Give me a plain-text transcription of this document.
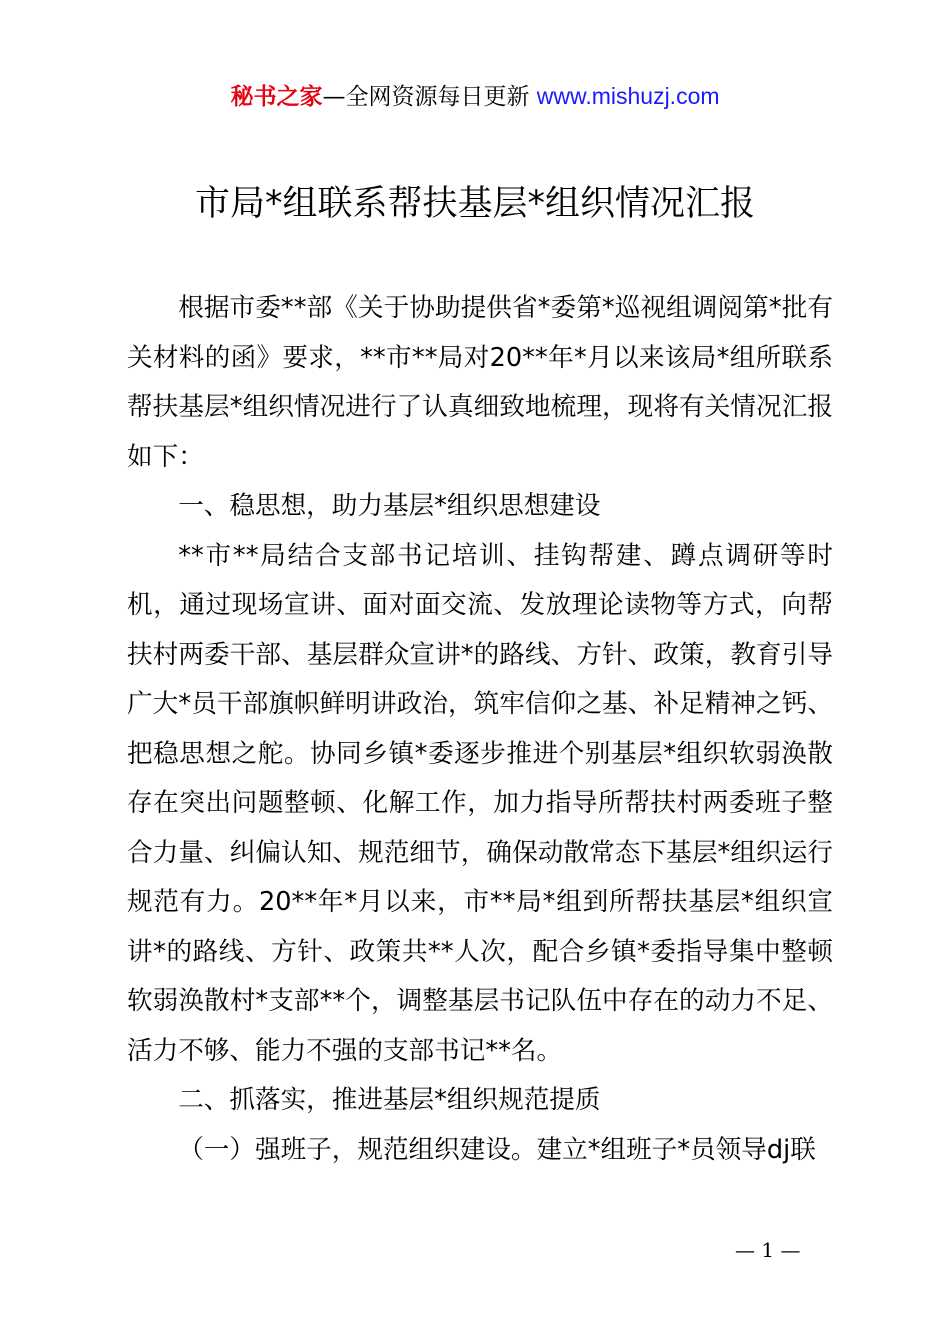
秘书之家—全网资源每日更新 www.mishuzj.com
市局*组联系帮扶基层*组织情况汇报

根据市委**部《关于协助提供省*委第*巡视组调阅第*批有关材料的函》要求，**市**局对20**年*月以来该局*组所联系帮扶基层*组织情况进行了认真细致地梳理，现将有关情况汇报如下：

一、稳思想，助力基层*组织思想建设

**市**局结合支部书记培训、挂钩帮建、蹲点调研等时机，通过现场宣讲、面对面交流、发放理论读物等方式，向帮扶村两委干部、基层群众宣讲*的路线、方针、政策，教育引导广大*员干部旗帜鲜明讲政治，筑牢信仰之基、补足精神之钙、把稳思想之舵。协同乡镇*委逐步推进个别基层*组织软弱涣散存在突出问题整顿、化解工作，加力指导所帮扶村两委班子整合力量、纠偏认知、规范细节，确保动散常态下基层*组织运行规范有力。20**年*月以来，市**局*组到所帮扶基层*组织宣讲*的路线、方针、政策共**人次，配合乡镇*委指导集中整顿软弱涣散村*支部**个，调整基层书记队伍中存在的动力不足、活力不够、能力不强的支部书记**名。

二、抓落实，推进基层*组织规范提质

（一）强班子，规范组织建设。建立*组班子*员领导dj联

— 1 —
